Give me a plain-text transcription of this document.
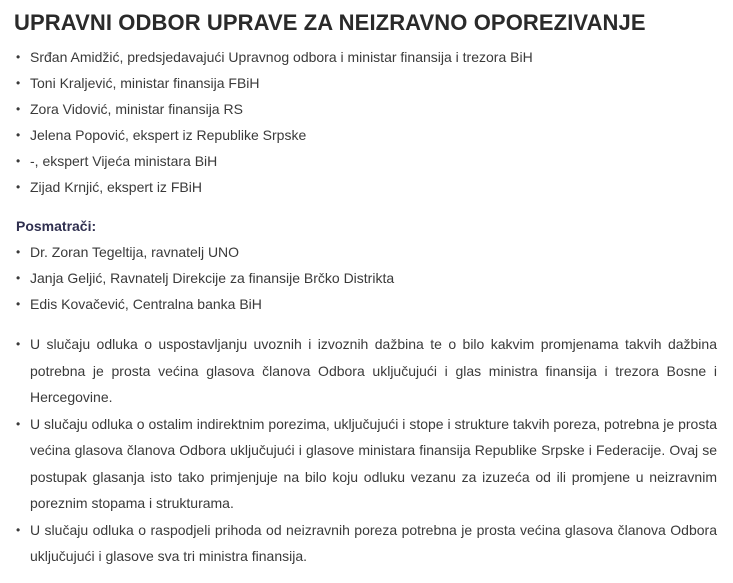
UPRAVNI ODBOR UPRAVE ZA NEIZRAVNO OPOREZIVANJE
• Srđan Amidžić, predsjedavajući Upravnog odbora i ministar finansija i trezora BiH
• Toni Kraljević, ministar finansija FBiH
• Zora Vidović, ministar finansija RS
• Jelena Popović, ekspert iz Republike Srpske
• -, ekspert Vijeća ministara BiH
• Zijad Krnjić, ekspert iz FBiH
Posmatrači:
• Dr. Zoran Tegeltija, ravnatelj UNO
• Janja Geljić, Ravnatelj Direkcije za finansije Brčko Distrikta
• Edis Kovačević, Centralna banka BiH
• U slučaju odluka o uspostavljanju uvoznih i izvoznih dažbina te o bilo kakvim promjenama takvih dažbina potrebna je prosta većina glasova članova Odbora uključujući i glas ministra finansija i trezora Bosne i Hercegovine.
• U slučaju odluka o ostalim indirektnim porezima, uključujući i stope i strukture takvih poreza, potrebna je prosta većina glasova članova Odbora uključujući i glasove ministara finansija Republike Srpske i Federacije. Ovaj se postupak glasanja isto tako primjenjuje na bilo koju odluku vezanu za izuzeća od ili promjene u neizravnim poreznim stopama i strukturama.
• U slučaju odluka o raspodjeli prihoda od neizravnih poreza potrebna je prosta većina glasova članova Odbora uključujući i glasove sva tri ministra finansija.
